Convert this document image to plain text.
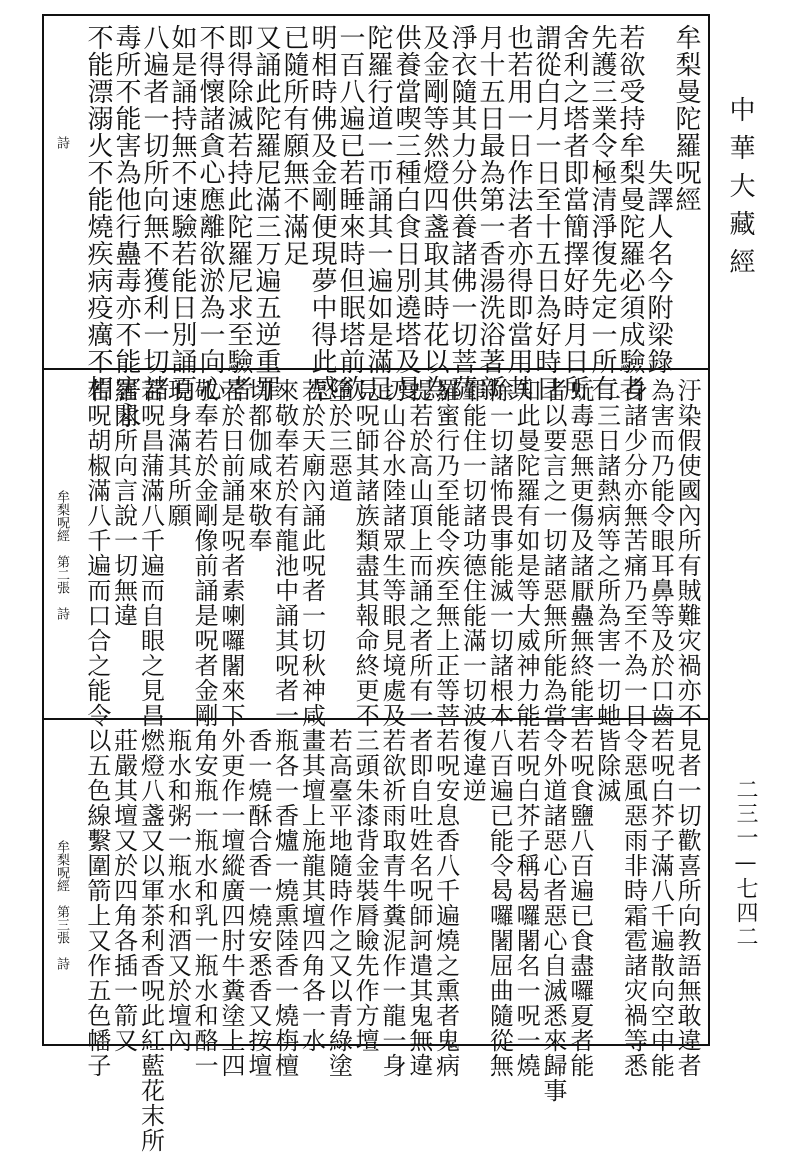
中華大藏經
二三一—七四二
牟梨曼陀羅呪經
　　　　　失譯人名今附梁錄
若欲受持牟梨曼陀羅必須成驗者
先護三業令極清淨復先定一所有
舍利之塔者即當簡擇好時月日所
謂從白月一日至十五日為好時日
也若用一日作法者亦得即當用其
月十五日最為第一香湯洗浴著新
淨衣隨其力分供養諸佛一切菩薩
及金剛等然燈四盞取其時花以為
供養當喫三種白食日別遶塔及曼
陀羅行道一帀誦其一遍如是滿足
一百八遍已若睡來時但眠塔前欲
明相時佛及金剛便現夢中得此感
已隨所有願無不滿足
又誦此陀羅尼滿三万遍五逆重罪
即得除滅若持此陀羅尼求至驗者
不得懷諸貪心應離欲淤為一向心
如是誦持無不速驗若能日別誦百
八遍者一切所向無不獲利一切諸
毒所不能害為他行蠱毒亦不能害永
不能漂溺火不能燒疾病疫癘不相
詩
汙染假使國內所有賊難灾禍亦不
為害而乃能令眼耳鼻等及於口齒
身諸少分亦無苦痛乃至不為一日
二三日諸熱病等之所為害一切虵
蚖毒惡無更傷及諸厭蠱無終能害
者以要言之一切諸惡無所能為當
知此曼陀羅有如是等大威神力能
除一切諸怖畏事能滅一切諸根本
罪能住一切諸功德住能滿一切波
羅蜜行乃至能令疾至無上正等菩
提若於高山頂上而誦之者所有一
切山谷水陸諸眾生等眼見境處及
見呪師其諸族類盡其報命終更不
墮於三惡道
若於天廟內誦此呪者一切秋神咸
來敬奉若於有龍池中誦其呪者一
切都伽咸來敬奉
若於日前誦是呪者素喇囉闍來下
敬奉若於金剛像前誦是呪者金剛
現身滿其所願
若呪昌蒲滿八千遍而自眼之見昌
羅閣所向言說一切無違
若呪胡椒滿八千遍而口合之能令
牟梨呪經　第二張　詩
見者一切歡喜所向教語無敢違者
若呪白芥子滿八千遍散向空中能
令惡風惡雨非時霜雹諸灾禍等悉
皆除滅
若呪食鹽八百遍已食盡囉夏者能
令外道諸惡心者惡心自滅悉來歸事
若呪白芥子稱曷囉闍名一呪一燒
八百遍已能令曷囉闍屈曲隨從無
復違逆
若呪安息香八千遍燒之熏者鬼病
者即自吐姓名呪師訶遣其鬼無違
若欲祈雨取青牛糞泥作一龍一身
三頭朱漆背金裝脣瞼先作方壇
若高臺平地隨時作之又以青綠塗
畫其壇上施龍其壇四角各一水
瓶各一香爐一燒熏陸香一燒栴檀
香一燒酥合香一燒安悉香又按壇
外更作一壇縱廣四肘牛糞塗上四
角安瓶一瓶水和乳一瓶水和酪一
瓶水和粥一瓶水和酒又於壇內
燃燈八盞又以軍茶利香呪此紅藍花末所
莊嚴其壇又於四角各插一箭又
以五色線繫圍箭上又作五色幡子
牟梨呪經　第三張　詩
